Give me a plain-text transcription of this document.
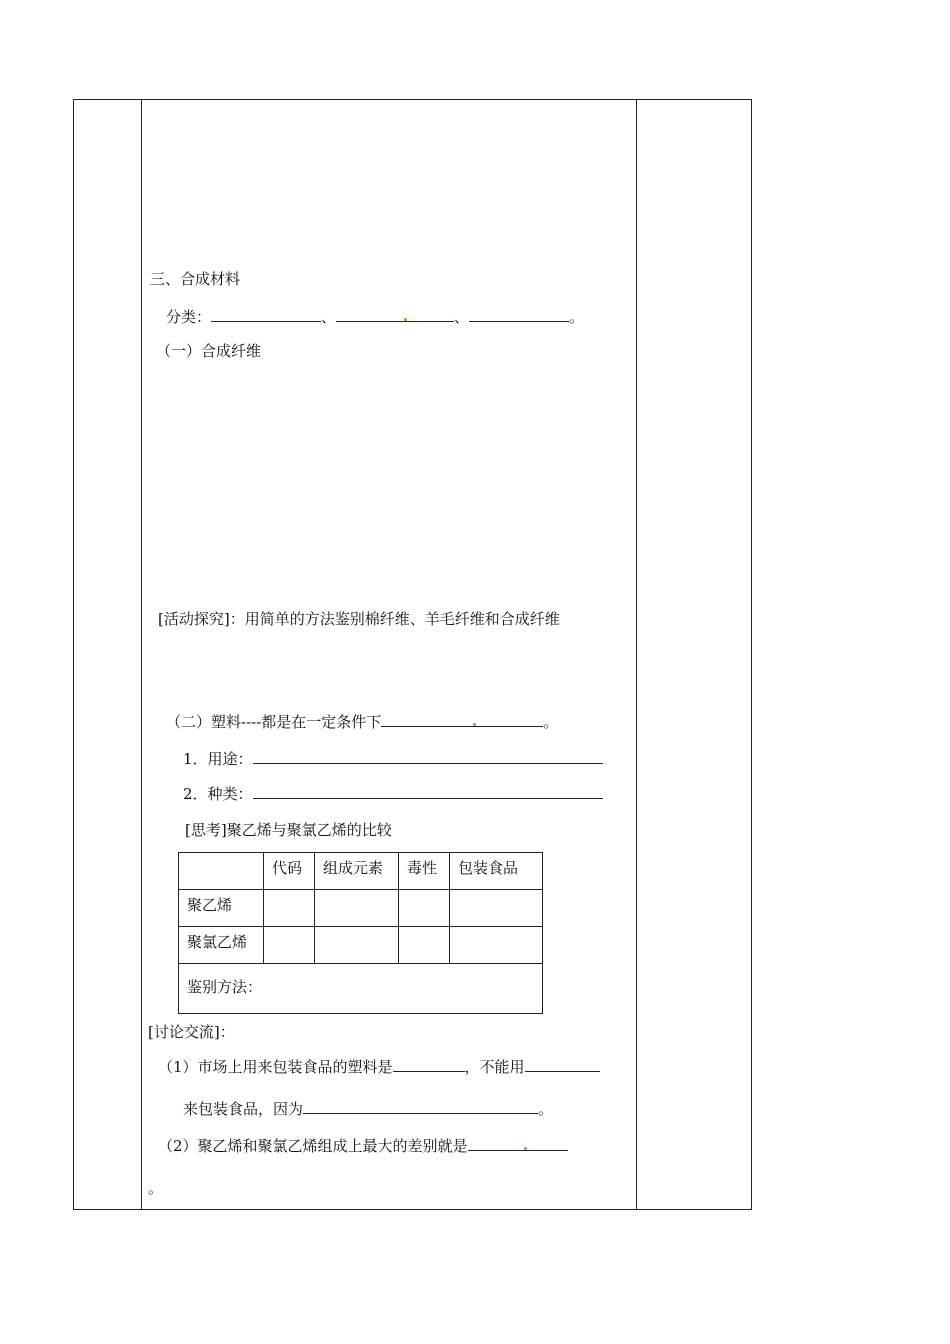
三、合成材料
分类：	、	、	。
（一）合成纤维
[活动探究]：用简单的方法鉴别棉纤维、羊毛纤维和合成纤维
（二）塑料----都是在一定条件下	。
1．用途：
2．种类：
[思考]聚乙烯与聚氯乙烯的比较
	代码	组成元素	毒性	包装食品
聚乙烯				
聚氯乙烯				
鉴别方法：				
[讨论交流]：
（1）市场上用来包装食品的塑料是	，不能用
来包装食品，因为	。
（2）聚乙烯和聚氯乙烯组成上最大的差别就是
。
